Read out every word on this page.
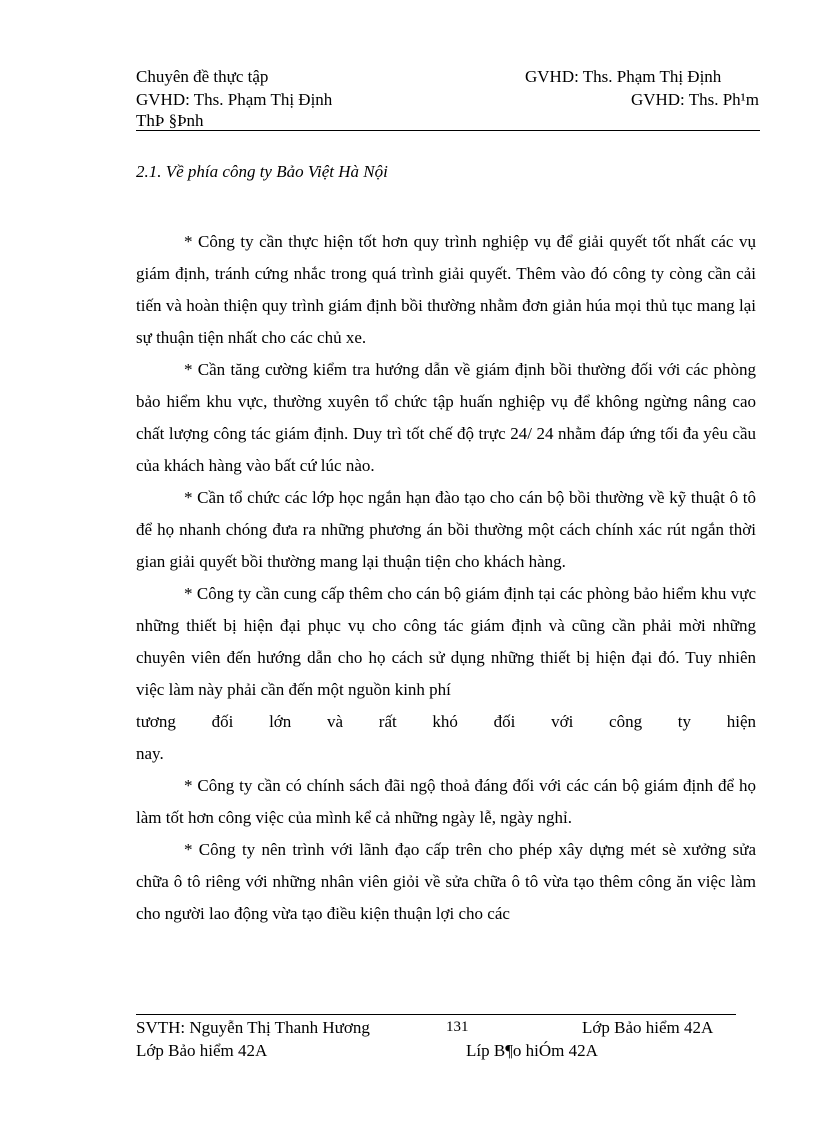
Chuyên đề thực tập	GVHD: Ths. Phạm Thị Định
GVHD: Ths. Phạm Thị Định	GVHD: Ths. Ph¹m
ThÞ §Þnh
2.1. Về phía công ty Bảo Việt Hà Nội

* Công ty cần thực hiện tốt hơn quy trình nghiệp vụ để giải quyết tốt nhất các vụ giám định, tránh cứng nhắc trong quá trình giải quyết. Thêm vào đó công ty còng cần cải tiến và hoàn thiện quy trình giám định bồi thường nhằm đơn giản húa mọi thủ tục mang lại sự thuận tiện nhất cho các chủ xe.

* Cần tăng cường kiểm tra hướng dẫn về giám định bồi thường đối với các phòng bảo hiểm khu vực, thường xuyên tổ chức tập huấn nghiệp vụ để không ngừng nâng cao chất lượng công tác giám định. Duy trì tốt chế độ trực 24/ 24 nhằm đáp ứng tối đa yêu cầu của khách hàng vào bất cứ lúc nào.

* Cần tổ chức các lớp học ngắn hạn đào tạo cho cán bộ bồi thường về kỹ thuật ô tô để họ nhanh chóng đưa ra những phương án bồi thường một cách chính xác rút ngắn thời gian giải quyết bồi thường mang lại thuận tiện cho khách hàng.

* Công ty cần cung cấp thêm cho cán bộ giám định tại các phòng bảo hiểm khu vực những thiết bị hiện đại phục vụ cho công tác giám định và cũng cần phải mời những chuyên viên đến hướng dẫn cho họ cách sử dụng những thiết bị hiện đại đó. Tuy nhiên việc làm này phải cần đến một nguồn kinh phí

tương đối lớn và rất khó đối với công ty hiện nay.

* Công ty cần có chính sách đãi ngộ thoả đáng đối với các cán bộ giám định để họ làm tốt hơn công việc của mình kể cả những ngày lễ, ngày nghỉ.

* Công ty nên trình với lãnh đạo cấp trên cho phép xây dựng mét sè xưởng sửa chữa ô tô riêng với những nhân viên giỏi về sửa chữa ô tô vừa tạo thêm công ăn việc làm cho người lao động vừa tạo điều kiện thuận lợi cho các

SVTH: Nguyễn Thị Thanh Hương	131	Lớp Bảo hiểm 42A
Lớp Bảo hiểm 42A	Líp B¶o hiÓm 42A
